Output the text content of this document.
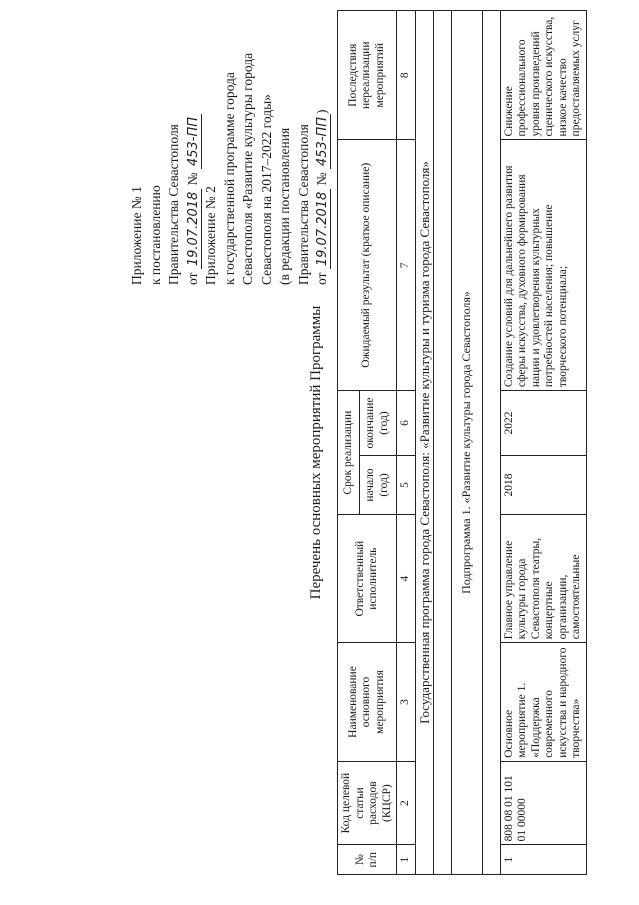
Приложение № 1 к постановлению Правительства Севастополя от 19.07.2018 № 453-ПП
Приложение № 2 к государственной программе города Севастополя «Развитие культуры города Севастополя на 2017–2022 годы» (в редакции постановления Правительства Севастополя от 19.07.2018 № 453-ПП)
Перечень основных мероприятий Программы
№ п/п	Код целевой статьи расходов (КЦСР)	Наименование основного мероприятия	Ответственный исполнитель	Срок реализации		Ожидаемый результат (краткое описание)	Последствия нереализации мероприятий
				начало (год)	окончание (год)		
1	2	3	4	5	6	7	8
Государственная программа города Севастополя: «Развитие культуры и туризма города Севастополя»							

Подпрограмма 1. «Развитие культуры города Севастополя»							

1	808 08 01 101 01 00000	Основное мероприятие 1. «Поддержка современного искусства и народного творчества»	Главное управление культуры города Севастополя театры, концертные организации, самостоятельные	2018	2022	Создание условий для дальнейшего развития сферы искусства, духовного формирования нации и удовлетворения культурных потребностей населения; повышение творческого потенциала;	Снижение профессионального уровня произведений сценического искусства, низкое качество предоставляемых услуг
